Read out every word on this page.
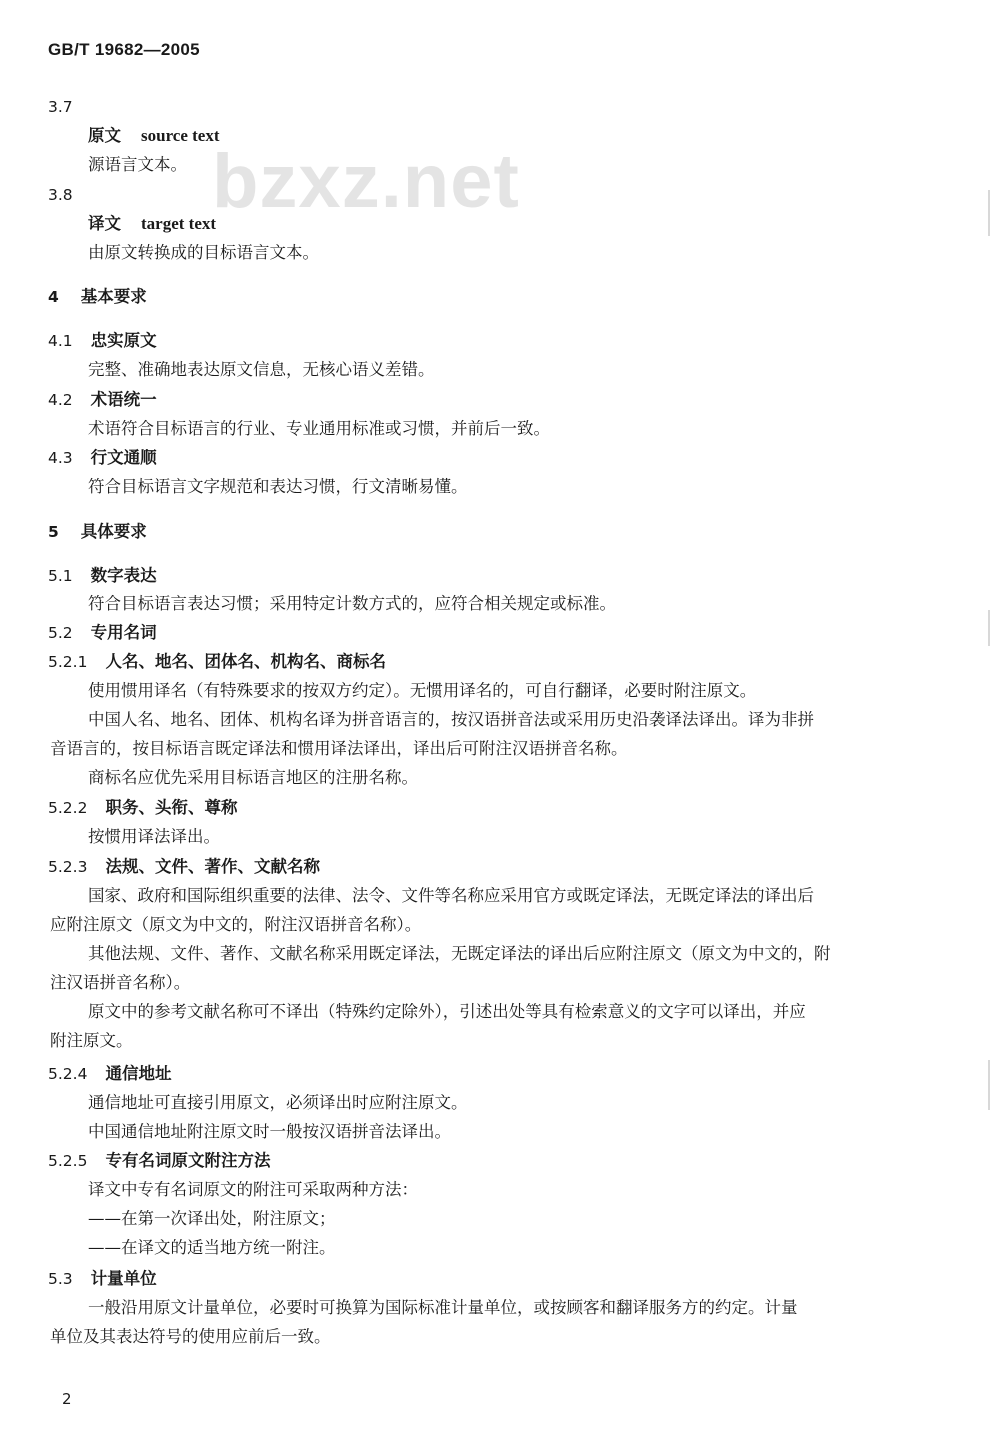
GB/T 19682—2005
bzxz.net
3.7
原文 source text
源语言文本。
3.8
译文 target text
由原文转换成的目标语言文本。
4 基本要求
4.1 忠实原文
完整、准确地表达原文信息，无核心语义差错。
4.2 术语统一
术语符合目标语言的行业、专业通用标准或习惯，并前后一致。
4.3 行文通顺
符合目标语言文字规范和表达习惯，行文清晰易懂。
5 具体要求
5.1 数字表达
符合目标语言表达习惯；采用特定计数方式的，应符合相关规定或标准。
5.2 专用名词
5.2.1 人名、地名、团体名、机构名、商标名
使用惯用译名（有特殊要求的按双方约定）。无惯用译名的，可自行翻译，必要时附注原文。
中国人名、地名、团体、机构名译为拼音语言的，按汉语拼音法或采用历史沿袭译法译出。译为非拼
音语言的，按目标语言既定译法和惯用译法译出，译出后可附注汉语拼音名称。
商标名应优先采用目标语言地区的注册名称。
5.2.2 职务、头衔、尊称
按惯用译法译出。
5.2.3 法规、文件、著作、文献名称
国家、政府和国际组织重要的法律、法令、文件等名称应采用官方或既定译法，无既定译法的译出后
应附注原文（原文为中文的，附注汉语拼音名称）。
其他法规、文件、著作、文献名称采用既定译法，无既定译法的译出后应附注原文（原文为中文的，附
注汉语拼音名称）。
原文中的参考文献名称可不译出（特殊约定除外），引述出处等具有检索意义的文字可以译出，并应
附注原文。
5.2.4 通信地址
通信地址可直接引用原文，必须译出时应附注原文。
中国通信地址附注原文时一般按汉语拼音法译出。
5.2.5 专有名词原文附注方法
译文中专有名词原文的附注可采取两种方法：
——在第一次译出处，附注原文；
——在译文的适当地方统一附注。
5.3 计量单位
一般沿用原文计量单位，必要时可换算为国际标准计量单位，或按顾客和翻译服务方的约定。计量
单位及其表达符号的使用应前后一致。
2
